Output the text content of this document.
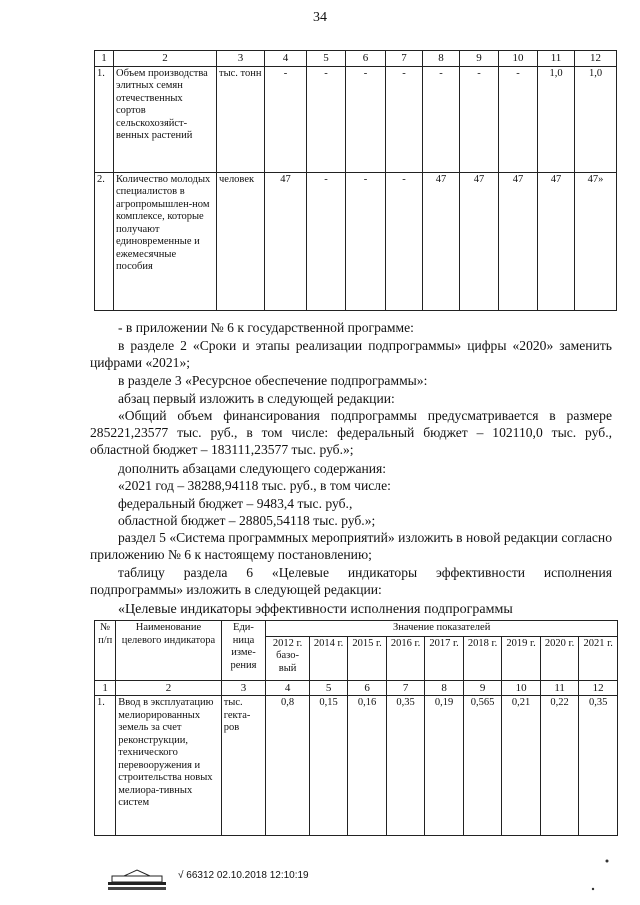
34
1	2	3	4	5	6	7	8	9	10	11	12
1.	Объем производства элитных семян отечественных сортов сельскохозяйст-венных растений	тыс. тонн	-	-	-	-	-	-	-	1,0	1,0
2.	Количество молодых специалистов в агропромышлен-ном комплексе, которые получают единовременные и ежемесячные пособия	человек	47	-	-	-	47	47	47	47	47»
- в приложении № 6 к государственной программе:
в разделе 2 «Сроки и этапы реализации подпрограммы» цифры «2020» заменить цифрами «2021»;
в разделе 3 «Ресурсное обеспечение подпрограммы»:
абзац первый изложить в следующей редакции:
«Общий объем финансирования подпрограммы предусматривается в размере 285221,23577 тыс. руб., в том числе: федеральный бюджет – 102110,0 тыс. руб., областной бюджет – 183111,23577 тыс. руб.»;
дополнить абзацами следующего содержания:
«2021 год – 38288,94118 тыс. руб., в том числе:
федеральный бюджет – 9483,4 тыс. руб.,
областной бюджет – 28805,54118 тыс. руб.»;
раздел 5 «Система программных мероприятий» изложить в новой редакции согласно приложению № 6 к настоящему постановлению;
таблицу раздела 6 «Целевые индикаторы эффективности исполнения подпрограммы» изложить в следующей редакции:
«Целевые индикаторы эффективности исполнения подпрограммы
№ п/п	Наименование целевого индикатора	Еди-ница изме-рения	Значение показателей								
			2012 г. базо-вый	2014 г.	2015 г.	2016 г.	2017 г.	2018 г.	2019 г.	2020 г.	2021 г.
1	2	3	4	5	6	7	8	9	10	11	12
1.	Ввод в эксплуатацию мелиорированных земель за счет реконструкции, технического перевооружения и строительства новых мелиора-тивных систем	тыс. гекта-ров	0,8	0,15	0,16	0,35	0,19	0,565	0,21	0,22	0,35
√ 66312 02.10.2018 12:10:19
